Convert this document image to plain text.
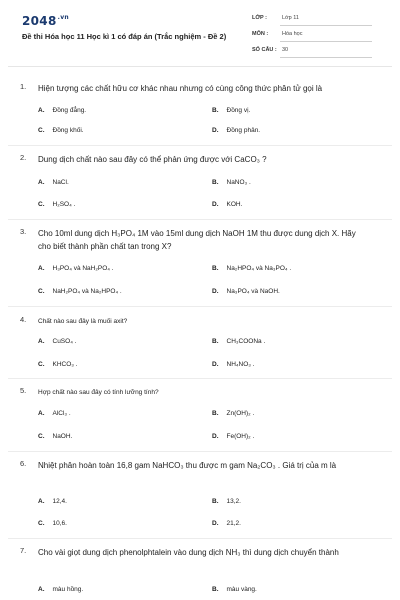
$2048^{.vn}$
Đề thi Hóa học 11 Học kì 1 có đáp án (Trắc nghiệm - Đề 2)
LỚP :	Lớp 11
MÔN :	Hóa học
SỐ CÂU : 30
1. Hiện tượng các chất hữu cơ khác nhau nhưng có cùng công thức phân tử gọi là
A. Đồng đẳng.	B. Đồng vị.
C. Đồng khối.	D. Đồng phân.
2. Dung dịch chất nào sau đây có thể phản ứng được với CaCO₃ ?
A. NaCl.	B. NaNO₃ .
C. H₂SO₄ .	D. KOH.
3. Cho 10ml dung dịch H₃PO₄ 1M vào 15ml dung dịch NaOH 1M thu được dung dịch X. Hãy cho biết thành phần chất tan trong X?
A. H₃PO₄ và NaH₂PO₄ .	B. Na₂HPO₄ và Na₃PO₄ .
C. NaH₂PO₄ và Na₂HPO₄ .	D. Na₃PO₄ và NaOH.
4. Chất nào sau đây là muối axit?
A. CuSO₄ .	B. CH₃COONa .
C. KHCO₃ .	D. NH₄NO₃ .
5. Hợp chất nào sau đây có tính lưỡng tính?
A. AlCl₃ .	B. Zn(OH)₂ .
C. NaOH.	D. Fe(OH)₂ .
6. Nhiệt phân hoàn toàn 16,8 gam NaHCO₃ thu được m gam Na₂CO₃ . Giá trị của m là
A. 12,4.	B. 13,2.
C. 10,6.	D. 21,2.
7. Cho vài giọt dung dịch phenolphtalein vào dung dịch NH₃ thì dung dịch chuyển thành
A. màu hồng.	B. màu vàng.
